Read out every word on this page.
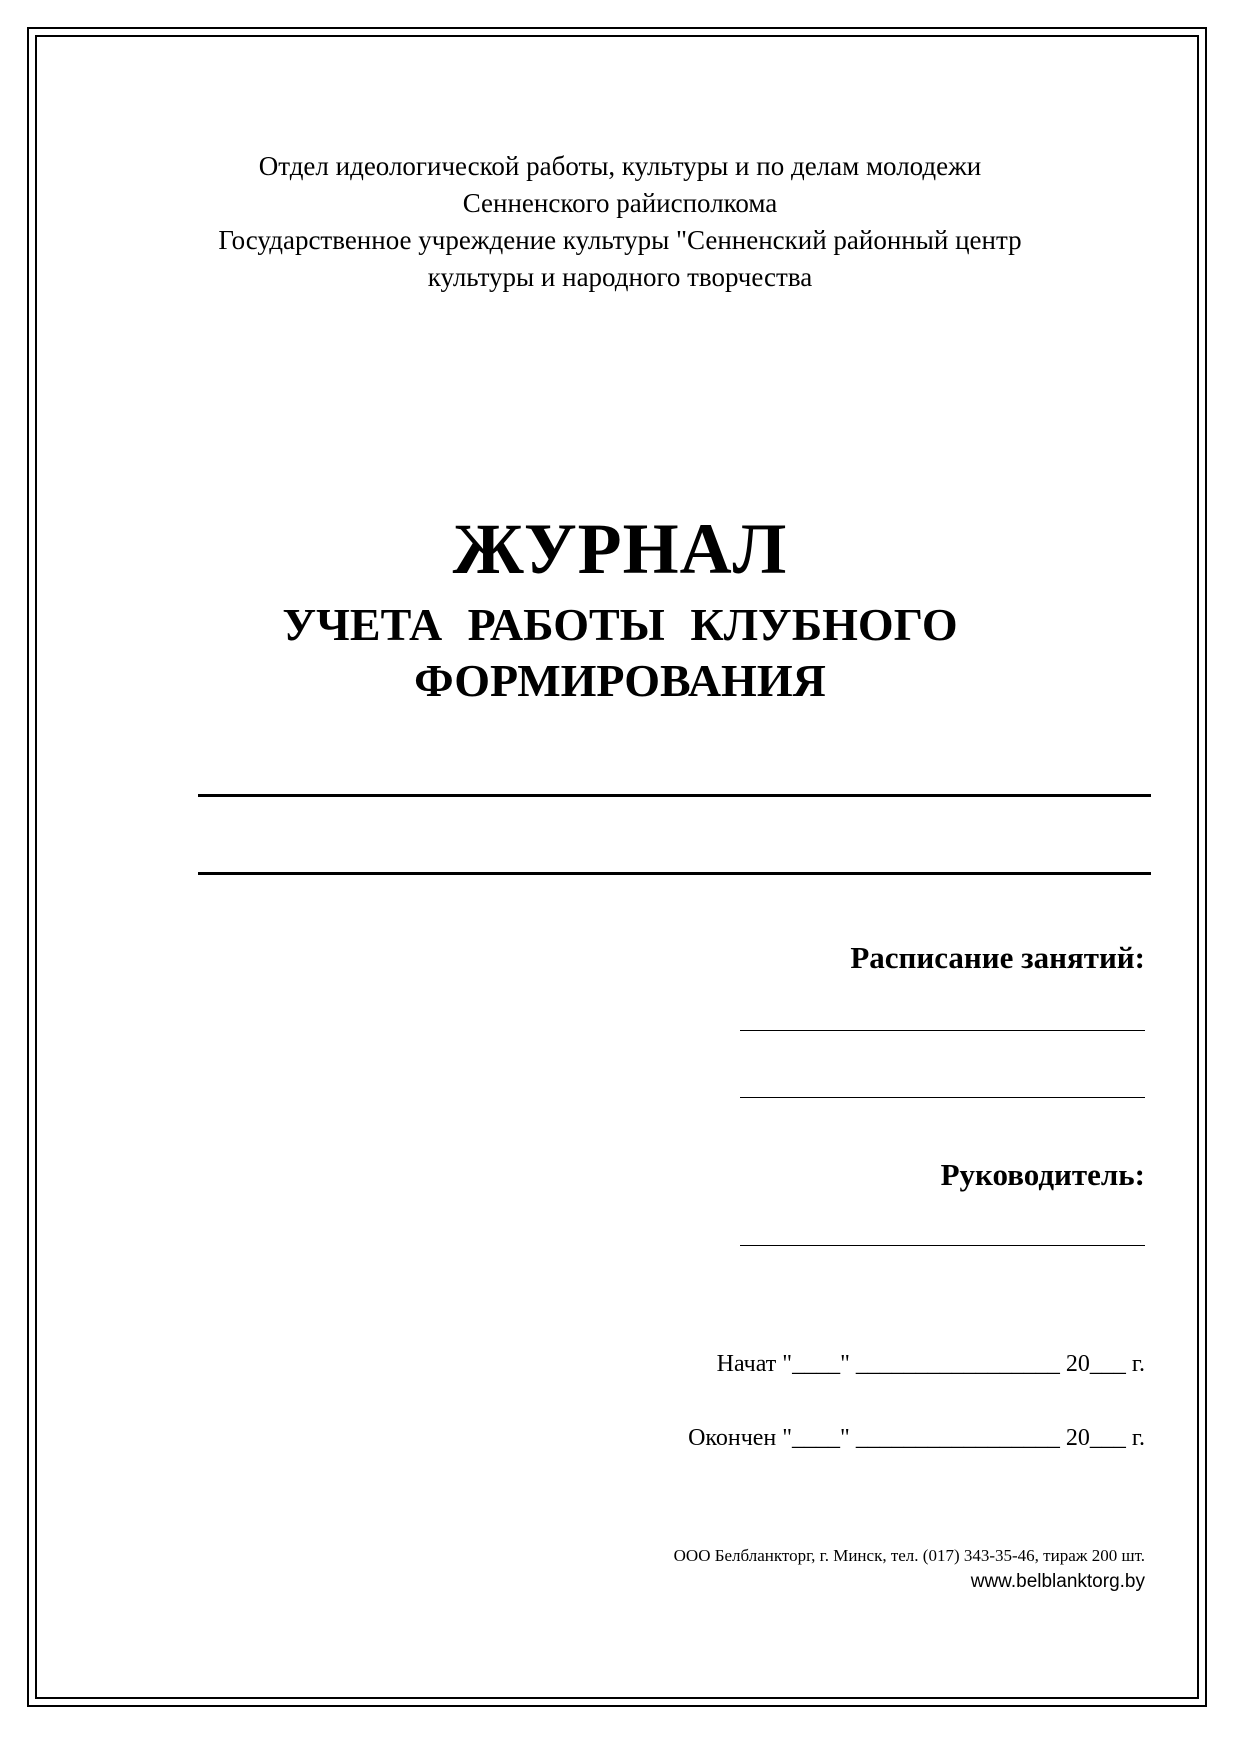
Отдел идеологической работы, культуры и по делам молодежи
Сенненского райисполкома
Государственное учреждение культуры "Сенненский районный центр
культуры и народного творчества
ЖУРНАЛ
УЧЕТА РАБОТЫ КЛУБНОГО
ФОРМИРОВАНИЯ
Расписание занятий:
Руководитель:
Начат "____" _________________ 20___ г.
Окончен "____" _________________ 20___ г.
ООО Белбланкторг, г. Минск, тел. (017) 343-35-46, тираж 200 шт.
www.belblanktorg.by
